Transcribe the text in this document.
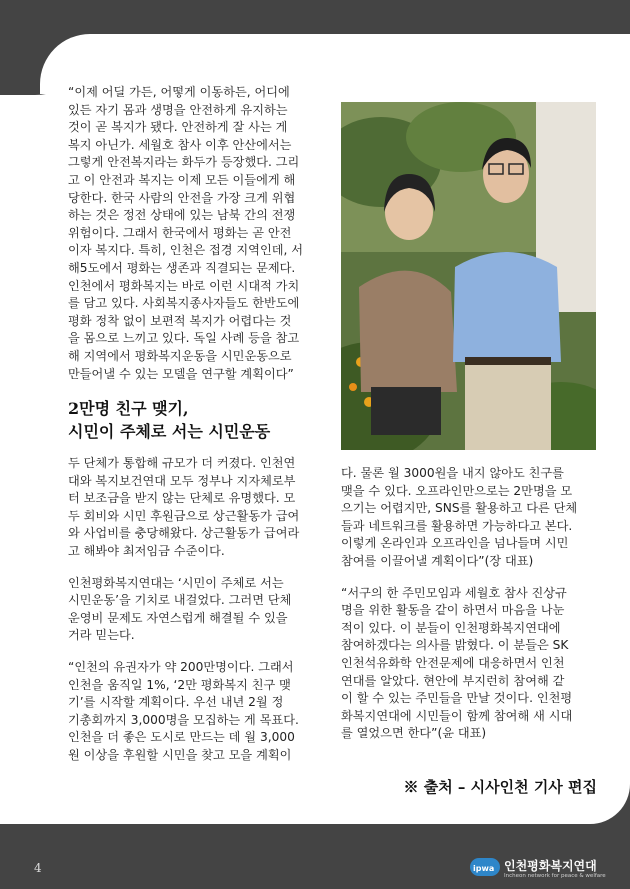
“이제 어딜 가든, 어떻게 이동하든, 어디에
있든 자기 몸과 생명을 안전하게 유지하는
것이 곧 복지가 됐다. 안전하게 잘 사는 게
복지 아닌가. 세월호 참사 이후 안산에서는
그렇게 안전복지라는 화두가 등장했다. 그리
고 이 안전과 복지는 이제 모든 이들에게 해
당한다. 한국 사람의 안전을 가장 크게 위협
하는 것은 정전 상태에 있는 남북 간의 전쟁
위험이다. 그래서 한국에서 평화는 곧 안전
이자 복지다. 특히, 인천은 접경 지역인데, 서
해5도에서 평화는 생존과 직결되는 문제다.
인천에서 평화복지는 바로 이런 시대적 가치
를 담고 있다. 사회복지종사자들도 한반도에
평화 정착 없이 보편적 복지가 어렵다는 것
을 몸으로 느끼고 있다. 독일 사례 등을 참고
해 지역에서 평화복지운동을 시민운동으로
만들어낼 수 있는 모델을 연구할 계획이다”

2만명 친구 맺기,
시민이 주체로 서는 시민운동

두 단체가 통합해 규모가 더 커졌다. 인천연
대와 복지보건연대 모두 정부나 지자체로부
터 보조금을 받지 않는 단체로 유명했다. 모
두 회비와 시민 후원금으로 상근활동가 급여
와 사업비를 충당해왔다. 상근활동가 급여라
고 해봐야 최저임금 수준이다.

인천평화복지연대는 ‘시민이 주체로 서는
시민운동’을 기치로 내걸었다. 그러면 단체
운영비 문제도 자연스럽게 해결될 수 있을
거라 믿는다.

“인천의 유권자가 약 200만명이다. 그래서
인천을 움직일 1%, ‘2만 평화복지 친구 맺
기’를 시작할 계획이다. 우선 내년 2월 정
기총회까지 3,000명을 모집하는 게 목표다.
인천을 더 좋은 도시로 만드는 데 월 3,000
원 이상을 후원할 시민을 찾고 모을 계획이

다. 물론 월 3000원을 내지 않아도 친구를
맺을 수 있다. 오프라인만으로는 2만명을 모
으기는 어렵지만, SNS를 활용하고 다른 단체
들과 네트워크를 활용하면 가능하다고 본다.
이렇게 온라인과 오프라인을 넘나들며 시민
참여를 이끌어낼 계획이다”(장 대표)

“서구의 한 주민모임과 세월호 참사 진상규
명을 위한 활동을 같이 하면서 마음을 나눈
적이 있다. 이 분들이 인천평화복지연대에
참여하겠다는 의사를 밝혔다. 이 분들은 SK
인천석유화학 안전문제에 대응하면서 인천
연대를 알았다. 현안에 부지런히 참여해 같
이 할 수 있는 주민들을 만날 것이다. 인천평
화복지연대에 시민들이 함께 참여해 새 시대
를 열었으면 한다”(윤 대표)

※ 출처 – 시사인천 기사 편집
4	ipwa 인천평화복지연대
Incheon network for peace & welfare
